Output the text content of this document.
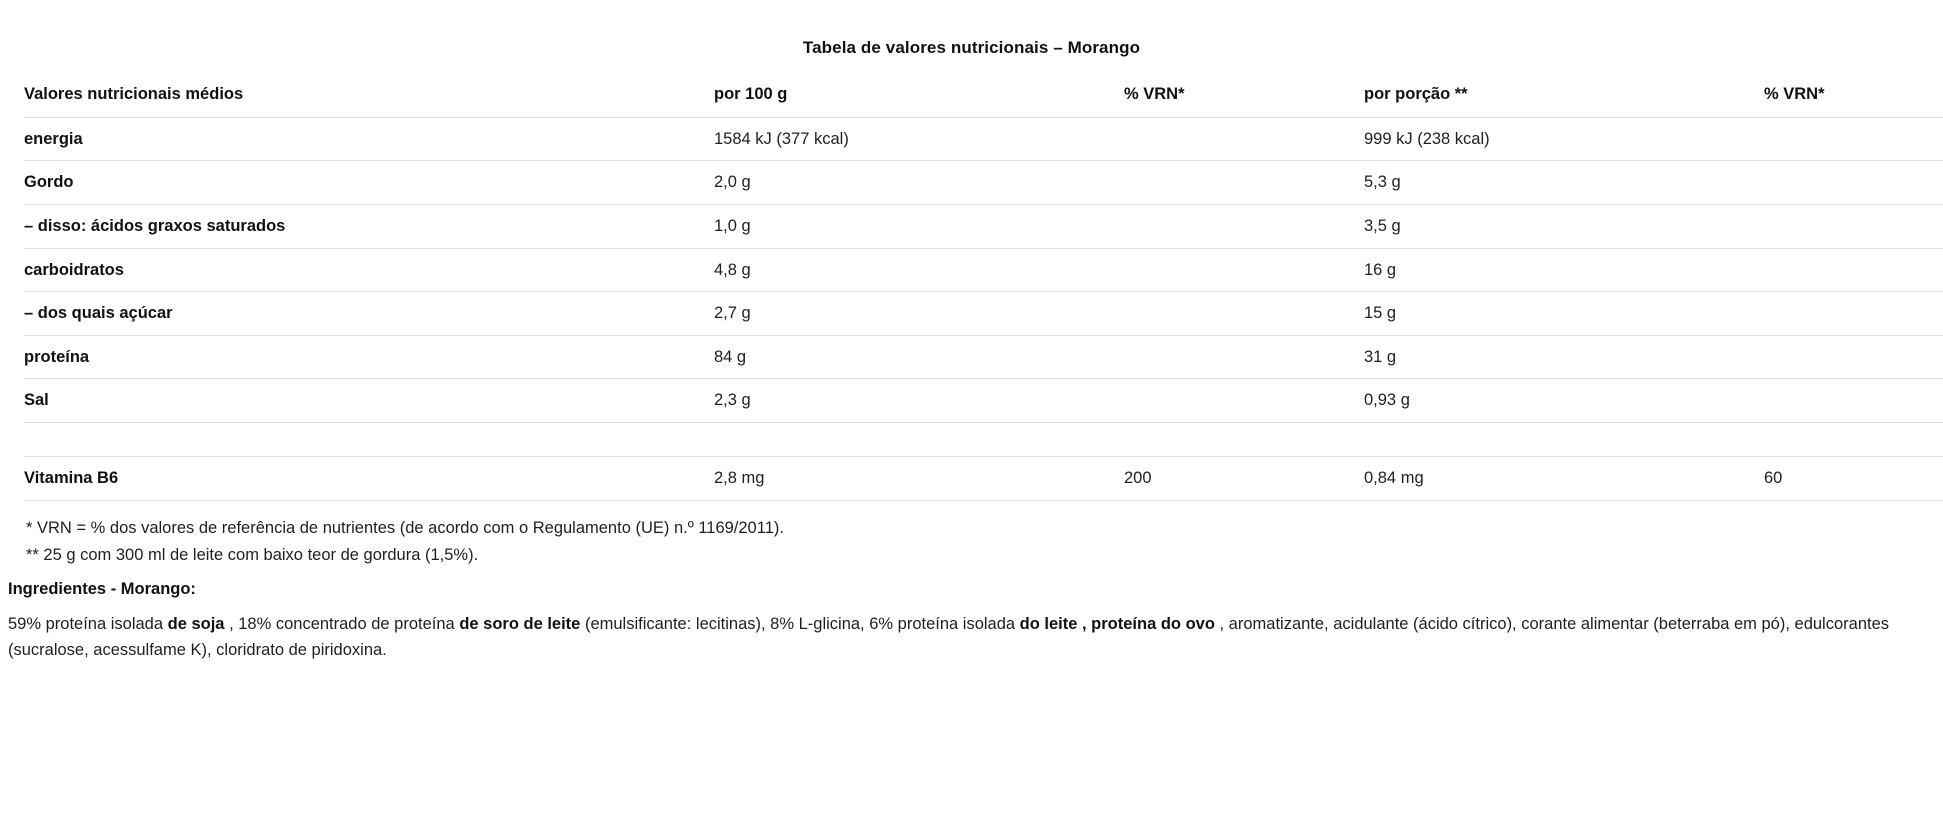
Tabela de valores nutricionais – Morango
Valores nutricionais médios	por 100 g	% VRN*	por porção **	% VRN*
energia	1584 kJ (377 kcal)		999 kJ (238 kcal)	
Gordo	2,0 g		5,3 g	
– disso: ácidos graxos saturados	1,0 g		3,5 g	
carboidratos	4,8 g		16 g	
– dos quais açúcar	2,7 g		15 g	
proteína	84 g		31 g	
Sal	2,3 g		0,93 g	

Vitamina B6	2,8 mg	200	0,84 mg	60
* VRN = % dos valores de referência de nutrientes (de acordo com o Regulamento (UE) n.º 1169/2011).
** 25 g com 300 ml de leite com baixo teor de gordura (1,5%).
Ingredientes - Morango:
59% proteína isolada de soja , 18% concentrado de proteína de soro de leite (emulsificante: lecitinas), 8% L-glicina, 6% proteína isolada do leite , proteína do ovo , aromatizante, acidulante (ácido cítrico), corante alimentar (beterraba em pó), edulcorantes (sucralose, acessulfame K), cloridrato de piridoxina.
